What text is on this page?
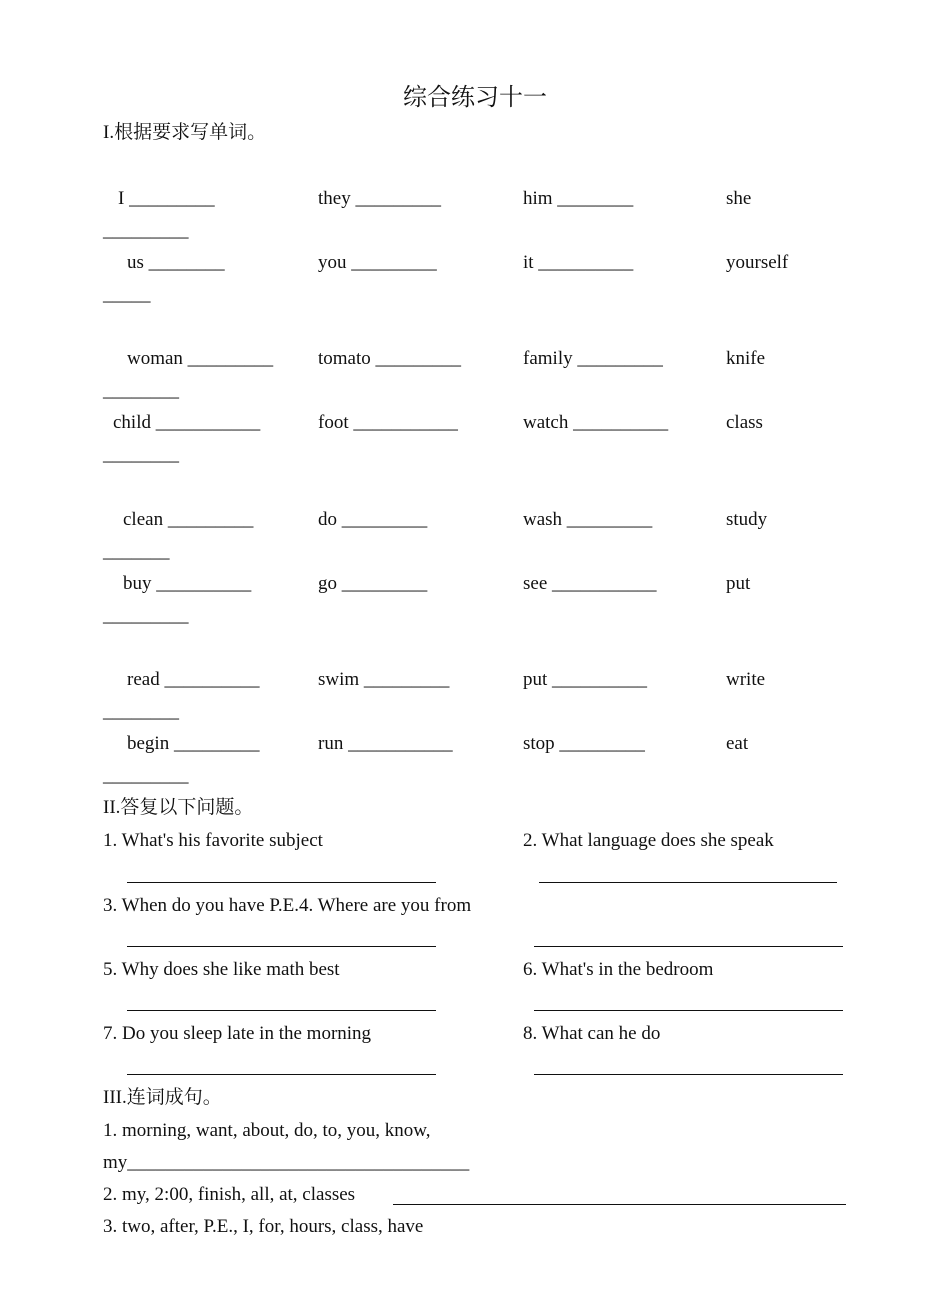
综合练习十一
I.根据要求写单词。
I _________	they _________	him ________	she
_________
us ________	you _________	it __________	yourself
_____
woman _________ tomato _________	family _________	knife
________
child ___________	foot ___________	watch __________	class
________
clean _________	do _________	wash _________	study
_______
buy __________	go _________	see ___________	put
_________
read __________	swim _________	put __________	write
________
begin _________	run ___________	stop _________	eat
_________
II.答复以下问题。
1. What's his favorite subject	2. What language does she speak
3. When do you have P.E.4. Where are you from
5. Why does she like math best	6. What's in the bedroom
7. Do you sleep late in the morning	8. What can he do
III.连词成句。
1. morning, want, about, do, to, you, know,
my____________________________________
2. my, 2:00, finish, all, at, classes
3. two, after, P.E., I, for, hours, class, have
